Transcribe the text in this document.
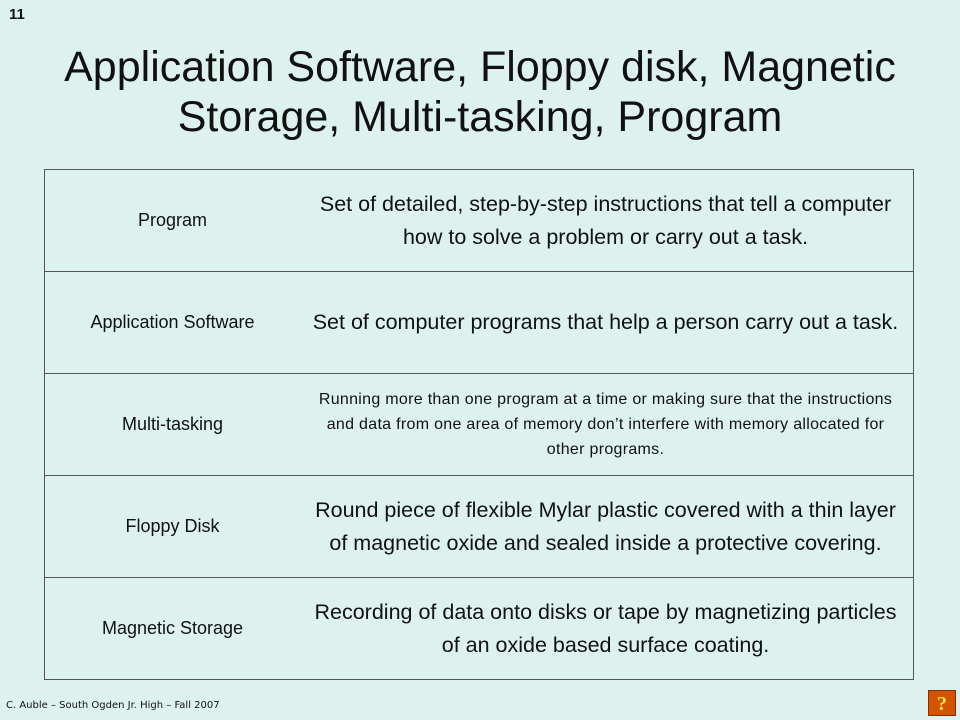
11
Application Software, Floppy disk, Magnetic Storage, Multi-tasking, Program
Program

Set of detailed, step-by-step instructions that tell a computer how to solve a problem or carry out a task.

Application Software	Set of computer programs that help a person carry out a task.

Multi-tasking

Running more than one program at a time or making sure that the instructions and data from one area of memory don’t interfere with memory allocated for other programs.

Floppy Disk

Round piece of flexible Mylar plastic covered with a thin layer of magnetic oxide and sealed inside a protective covering.

Magnetic Storage

Recording of data onto disks or tape by magnetizing particles of an oxide based surface coating.

C. Auble – South Ogden Jr. High – Fall 2007	?
